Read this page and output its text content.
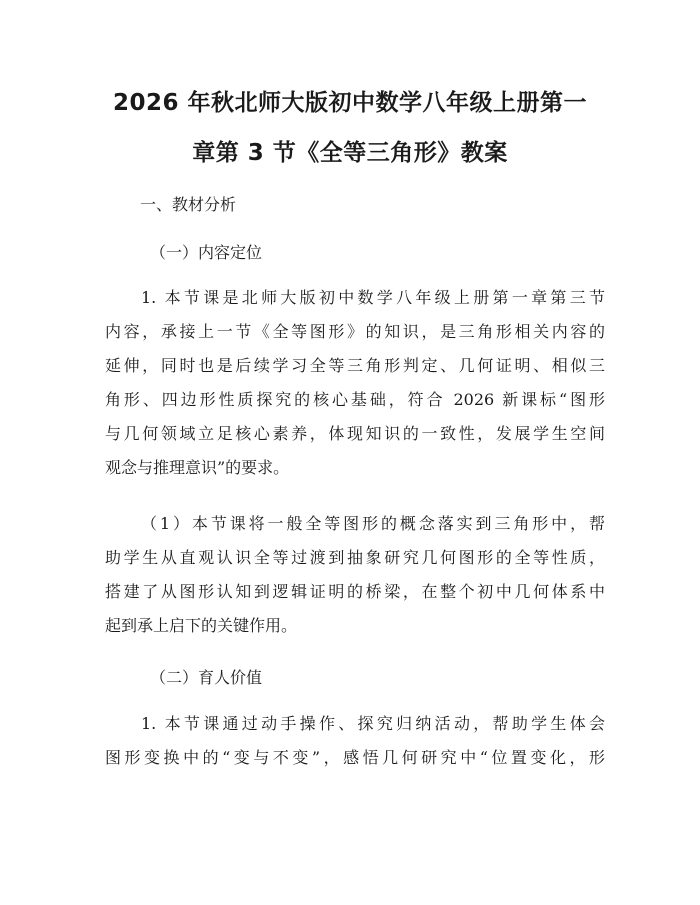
2026 年秋北师大版初中数学八年级上册第一
章第 3 节《全等三角形》教案
一、教材分析
（一）内容定位
1. 本节课是北师大版初中数学八年级上册第一章第三节
内容，承接上一节《全等图形》的知识，是三角形相关内容的
延伸，同时也是后续学习全等三角形判定、几何证明、相似三
角形、四边形性质探究的核心基础，符合 2026 新课标“图形
与几何领域立足核心素养，体现知识的一致性，发展学生空间
观念与推理意识”的要求。
（1）本节课将一般全等图形的概念落实到三角形中，帮
助学生从直观认识全等过渡到抽象研究几何图形的全等性质，
搭建了从图形认知到逻辑证明的桥梁，在整个初中几何体系中
起到承上启下的关键作用。
（二）育人价值
1. 本节课通过动手操作、探究归纳活动，帮助学生体会
图形变换中的“变与不变”，感悟几何研究中“位置变化，形
